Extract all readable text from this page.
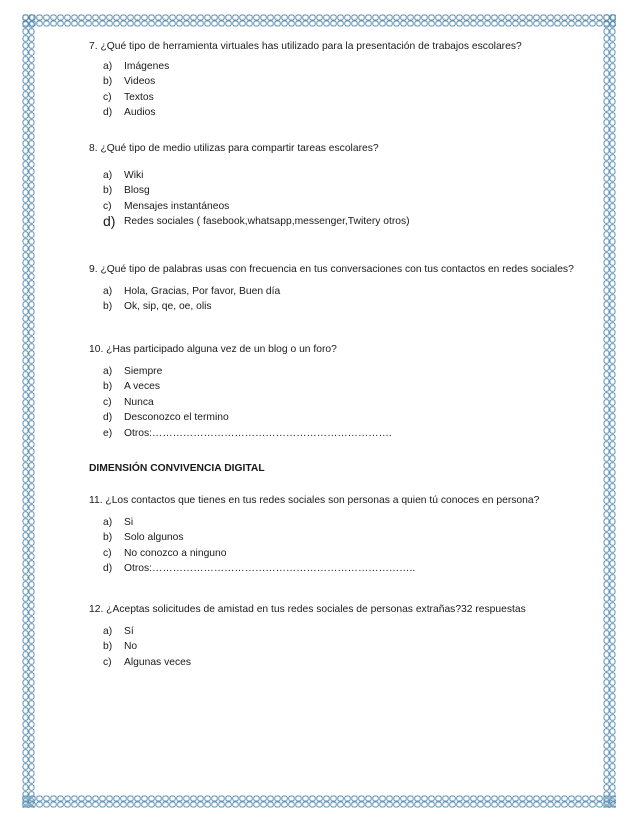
7. ¿Qué tipo de herramienta virtuales has utilizado para la presentación de trabajos escolares?

a)	Imágenes
b)	Videos
c)	Textos
d)	Audios

8. ¿Qué tipo de medio utilizas para compartir tareas escolares?

a)	Wiki
b)	Blosg
c)	Mensajes instantáneos
d) Redes sociales ( fasebook,whatsapp,messenger,Twitery otros)

9. ¿Qué tipo de palabras usas con frecuencia en tus conversaciones con tus contactos en redes sociales?

a)	Hola, Gracias, Por favor, Buen día
b)	Ok, sip, qe, oe, olis

10. ¿Has participado alguna vez de un blog o un foro?

a)	Siempre
b)	A veces
c)	Nunca
d)	Desconozco el termino
e)	Otros:…………………………………………………………….
DIMENSIÓN CONVIVENCIA DIGITAL

11. ¿Los contactos que tienes en tus redes sociales son personas a quien tú conoces en persona?

a)	Si
b)	Solo algunos
c)	No conozco a ninguno
d)	Otros:…………………………………………………………………..

12. ¿Aceptas solicitudes de amistad en tus redes sociales de personas extrañas?32 respuestas

a)	Sí
b)	No
c)	Algunas veces
